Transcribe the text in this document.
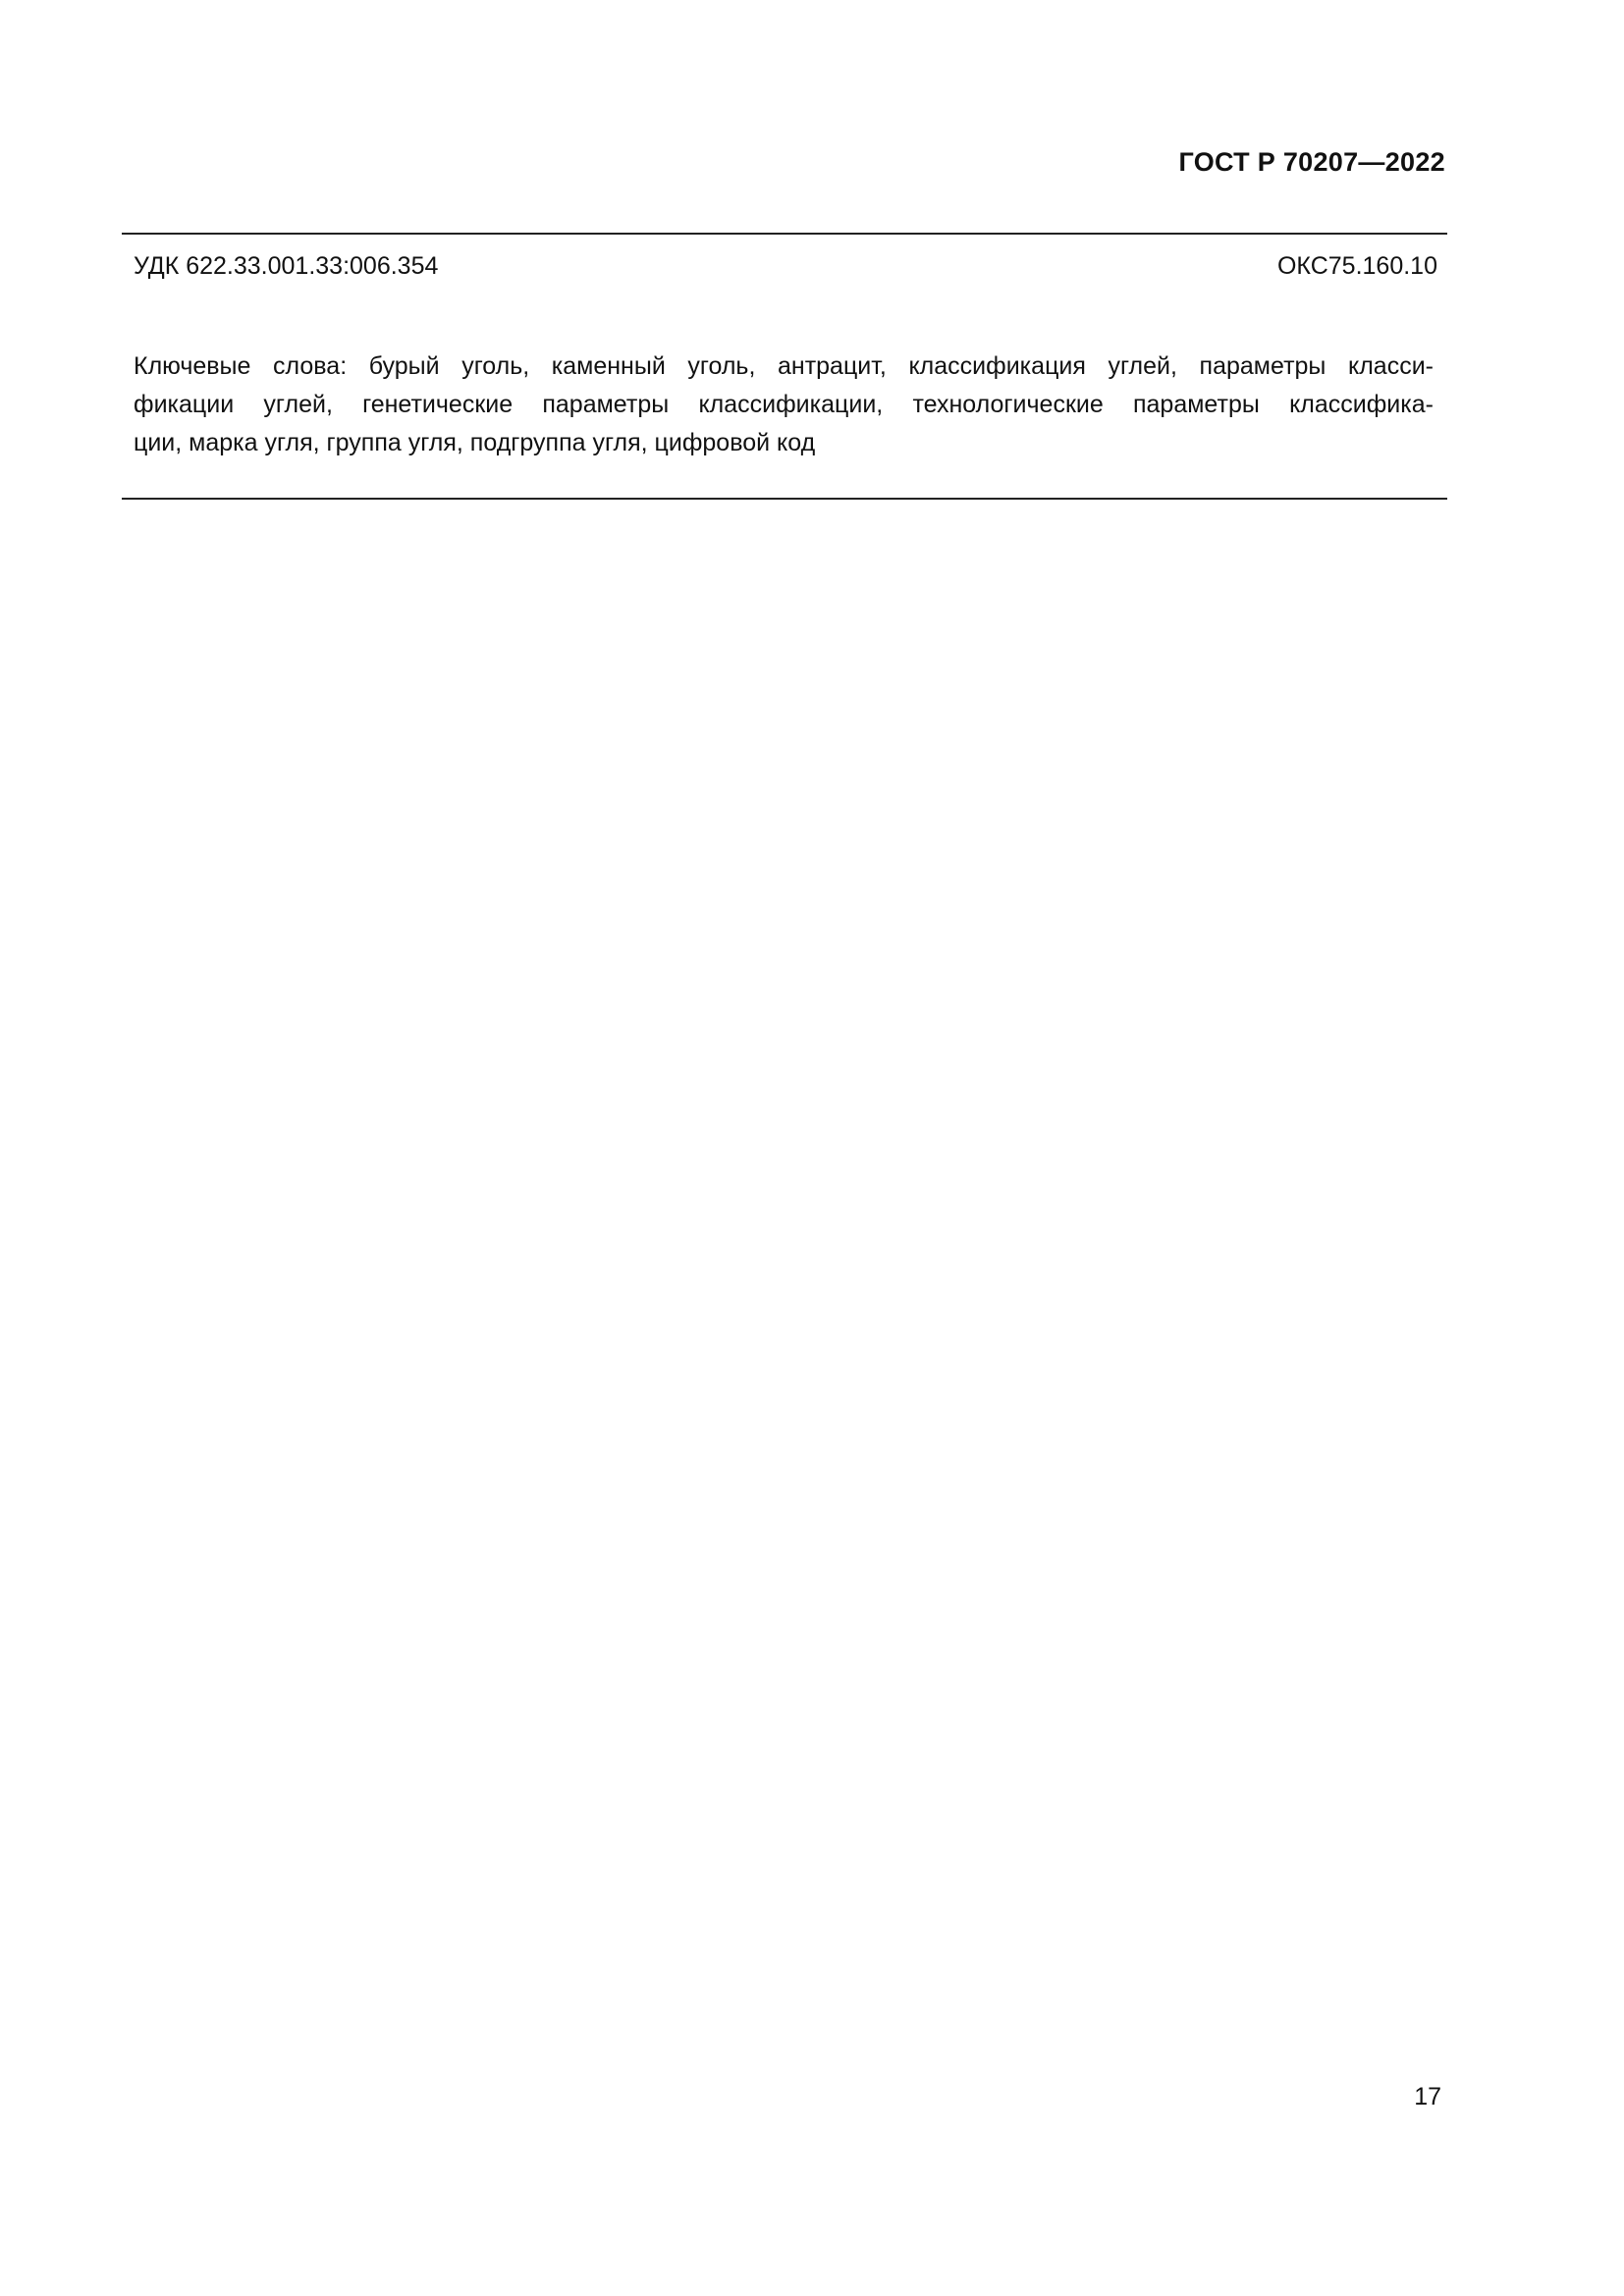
ГОСТ Р 70207—2022
УДК 622.33.001.33:006.354	ОКС75.160.10
Ключевые слова: бурый уголь, каменный уголь, антрацит, классификация углей, параметры класси-
фикации углей, генетические параметры классификации, технологические параметры классифика-
ции, марка угля, группа угля, подгруппа угля, цифровой код
17
